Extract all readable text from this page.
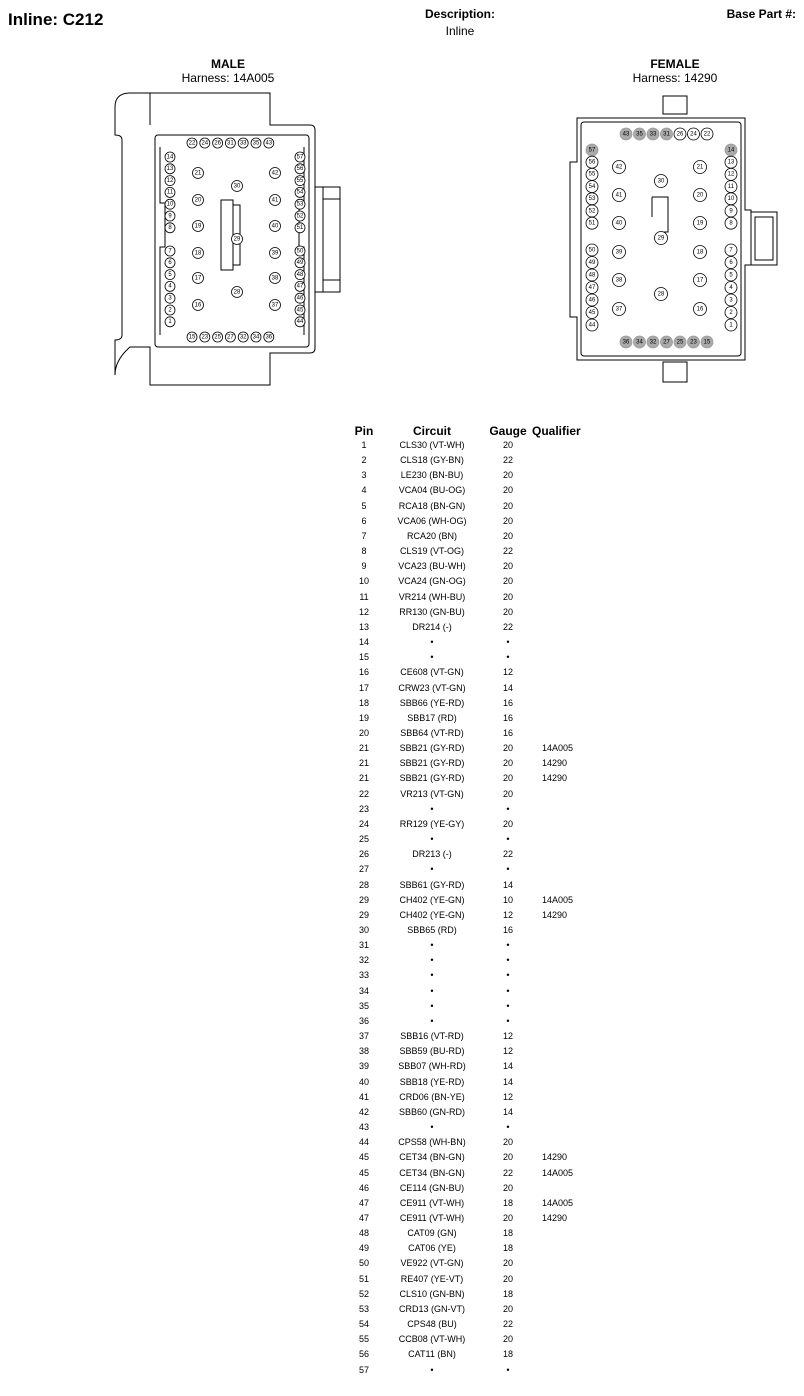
Inline: C212	Description:
Inline
Base Part #:
MALE
Harness: 14A005
FEMALE
Harness: 14290
22 24 26 31 33 35 43
15 23 25 27 32 34 36
14
13
12
11
10
9
8
7
6
5
4
3
2
1
57
56
55
54
53
52
51
50
49
48
47
46
45
44
21
20
19
18
17
16
30
29
28
42
41
40
39
38
37
43 35 33 31 26 24 22
36 34 32 27 25 23 15
57
56
55
54
53
52
51
50
49
48
47
46
45
44
14
13
12
11
10
9
8
7
6
5
4
3
2
1
42
41
40
39
38
37
30
29
28
21
20
19
18
17
16
Pin	Circuit	Gauge	Qualifier
1	CLS30 (VT-WH)	20	
2	CLS18 (GY-BN)	22	
3	LE230 (BN-BU)	20	
4	VCA04 (BU-OG)	20	
5	RCA18 (BN-GN)	20	
6	VCA06 (WH-OG)	20	
7	RCA20 (BN)	20	
8	CLS19 (VT-OG)	22	
9	VCA23 (BU-WH)	20	
10	VCA24 (GN-OG)	20	
11	VR214 (WH-BU)	20	
12	RR130 (GN-BU)	20	
13	DR214 (-)	22	
14	•	•	
15	•	•	
16	CE608 (VT-GN)	12	
17	CRW23 (VT-GN)	14	
18	SBB66 (YE-RD)	16	
19	SBB17 (RD)	16	
20	SBB64 (VT-RD)	16	
21	SBB21 (GY-RD)	20	14A005
21	SBB21 (GY-RD)	20	14290
21	SBB21 (GY-RD)	20	14290
22	VR213 (VT-GN)	20	
23	•	•	
24	RR129 (YE-GY)	20	
25	•	•	
26	DR213 (-)	22	
27	•	•	
28	SBB61 (GY-RD)	14	
29	CH402 (YE-GN)	10	14A005
29	CH402 (YE-GN)	12	14290
30	SBB65 (RD)	16	
31	•	•	
32	•	•	
33	•	•	
34	•	•	
35	•	•	
36	•	•	
37	SBB16 (VT-RD)	12	
38	SBB59 (BU-RD)	12	
39	SBB07 (WH-RD)	14	
40	SBB18 (YE-RD)	14	
41	CRD06 (BN-YE)	12	
42	SBB60 (GN-RD)	14	
43	•	•	
44	CPS58 (WH-BN)	20	
45	CET34 (BN-GN)	20	14290
45	CET34 (BN-GN)	22	14A005
46	CE114 (GN-BU)	20	
47	CE911 (VT-WH)	18	14A005
47	CE911 (VT-WH)	20	14290
48	CAT09 (GN)	18	
49	CAT06 (YE)	18	
50	VE922 (VT-GN)	20	
51	RE407 (YE-VT)	20	
52	CLS10 (GN-BN)	18	
53	CRD13 (GN-VT)	20	
54	CPS48 (BU)	22	
55	CCB08 (VT-WH)	20	
56	CAT11 (BN)	18	
57	•	•	
